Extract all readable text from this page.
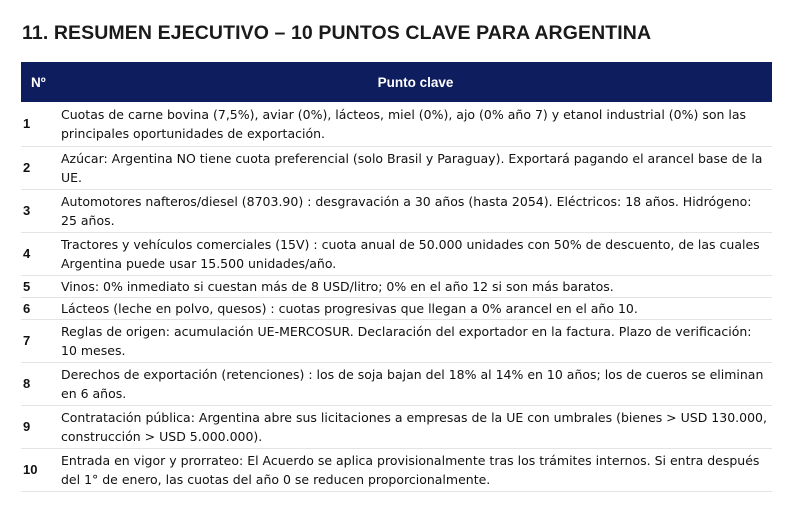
11. RESUMEN EJECUTIVO – 10 PUNTOS CLAVE PARA ARGENTINA
Nº	Punto clave
1	Cuotas de carne bovina (7,5%), aviar (0%), lácteos, miel (0%), ajo (0% año 7) y etanol industrial (0%) son las principales oportunidades de exportación.
2	Azúcar: Argentina NO tiene cuota preferencial (solo Brasil y Paraguay). Exportará pagando el arancel base de la UE.
3	Automotores nafteros/diesel (8703.90) : desgravación a 30 años (hasta 2054). Eléctricos: 18 años. Hidrógeno: 25 años.
4	Tractores y vehículos comerciales (15V) : cuota anual de 50.000 unidades con 50% de descuento, de las cuales Argentina puede usar 15.500 unidades/año.
5	Vinos: 0% inmediato si cuestan más de 8 USD/litro; 0% en el año 12 si son más baratos.
6	Lácteos (leche en polvo, quesos) : cuotas progresivas que llegan a 0% arancel en el año 10.
7	Reglas de origen: acumulación UE-MERCOSUR. Declaración del exportador en la factura. Plazo de verificación: 10 meses.
8	Derechos de exportación (retenciones) : los de soja bajan del 18% al 14% en 10 años; los de cueros se eliminan en 6 años.
9	Contratación pública: Argentina abre sus licitaciones a empresas de la UE con umbrales (bienes > USD 130.000, construcción > USD 5.000.000).
10	Entrada en vigor y prorrateo: El Acuerdo se aplica provisionalmente tras los trámites internos. Si entra después del 1° de enero, las cuotas del año 0 se reducen proporcionalmente.
